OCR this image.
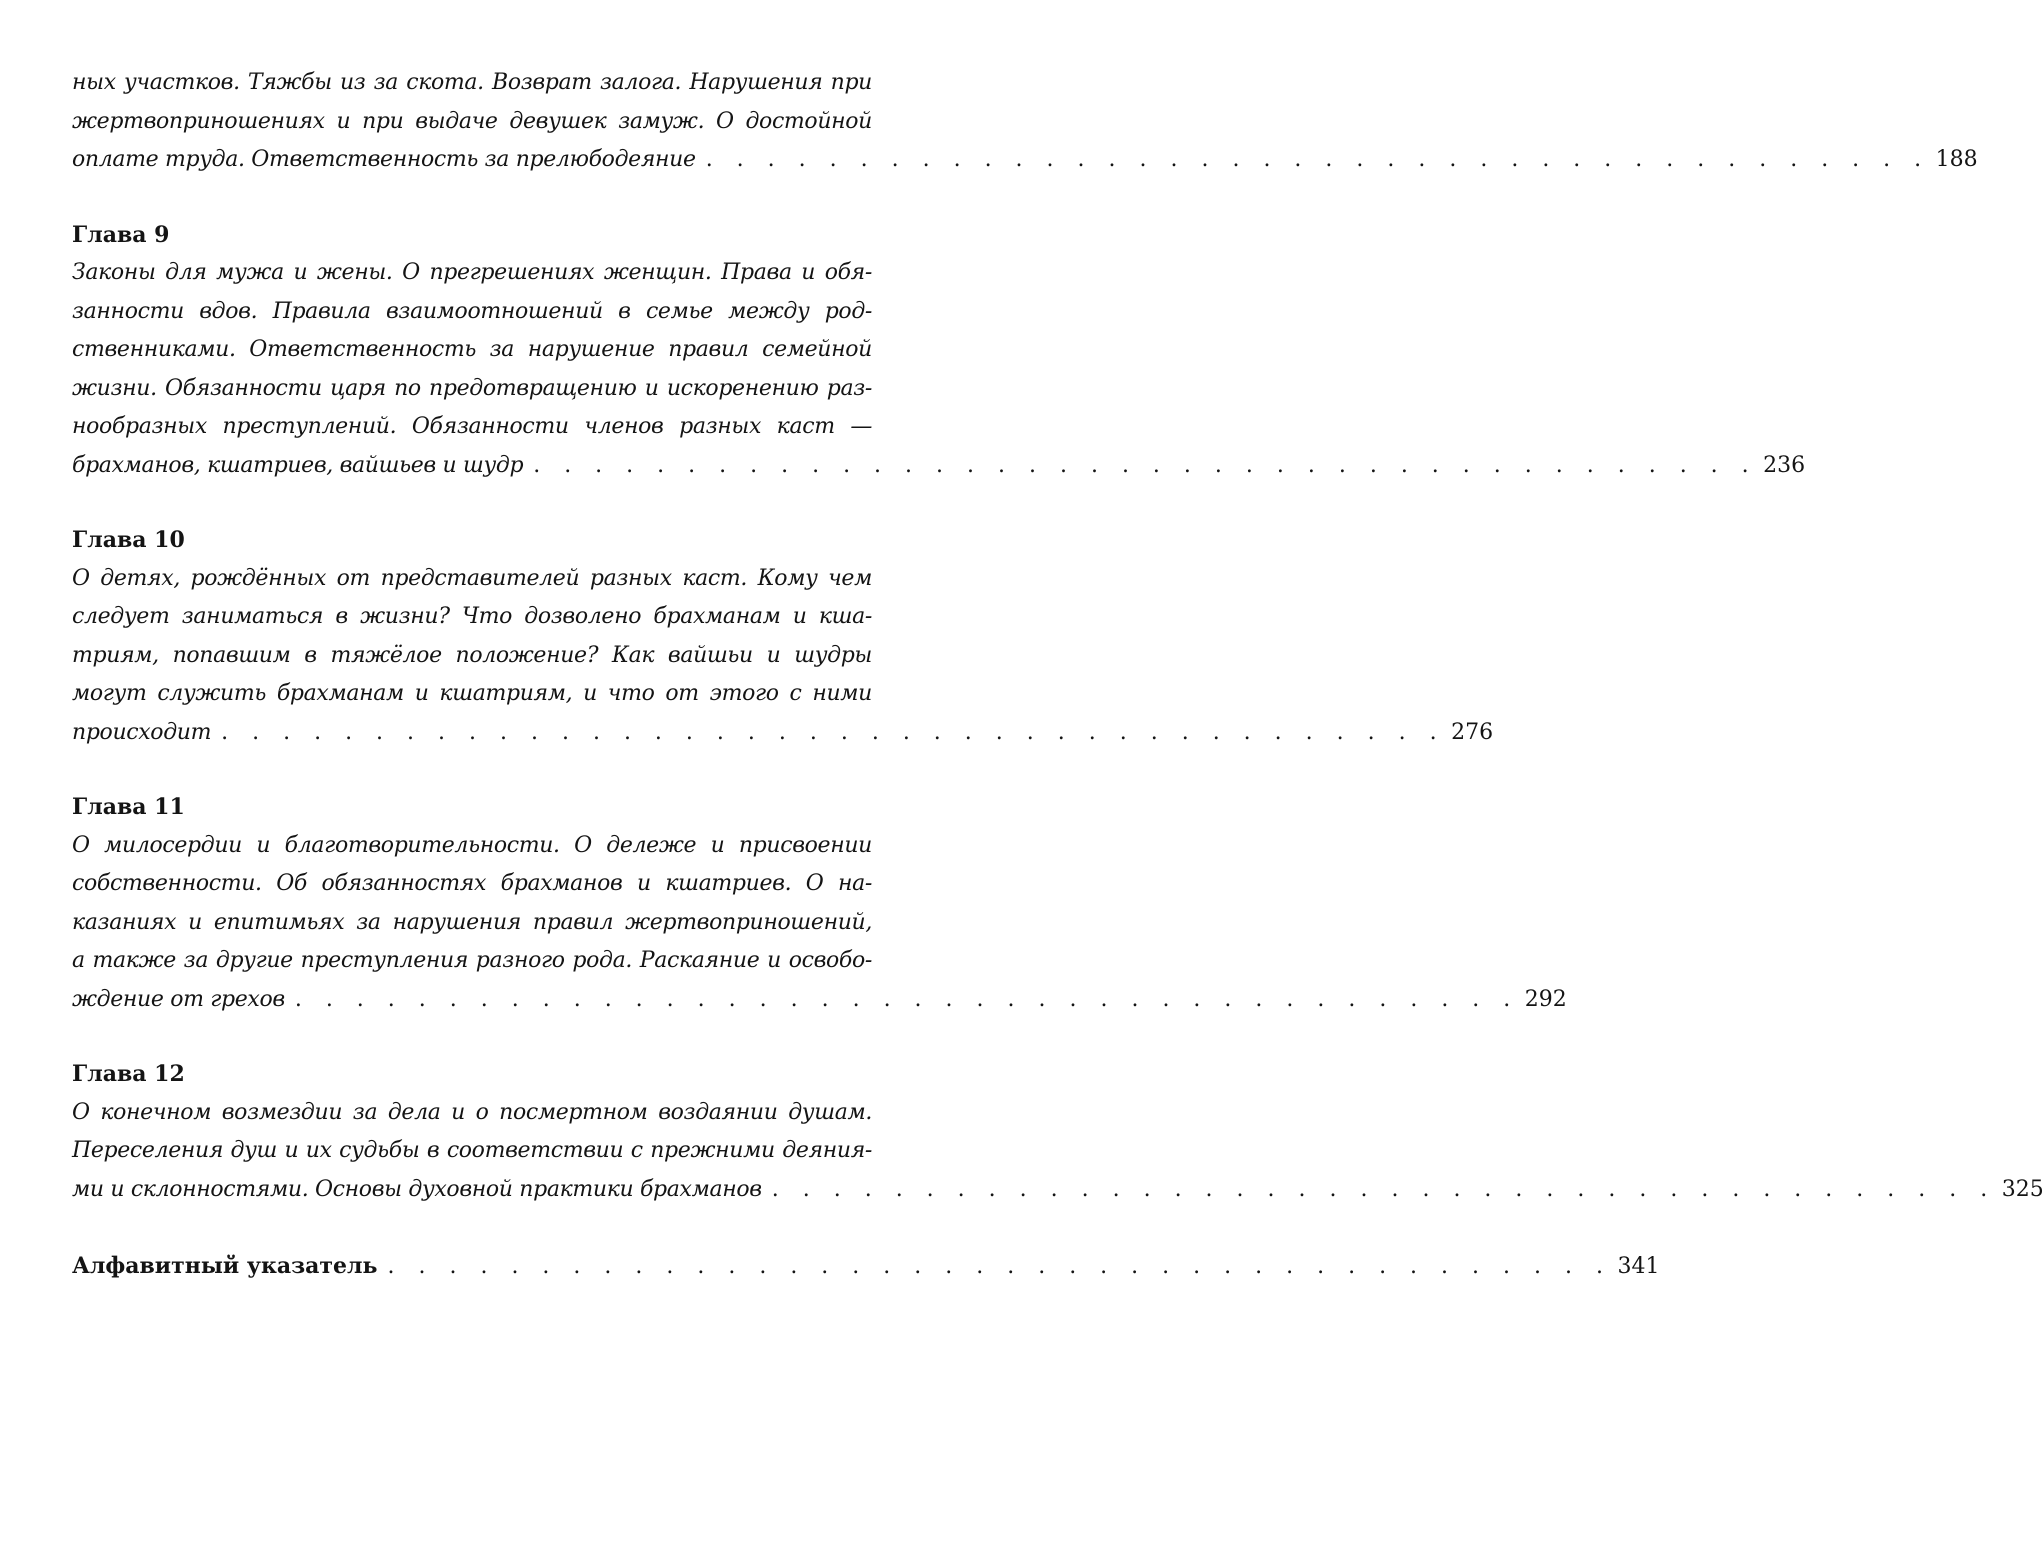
ных участков. Тяжбы из за скота. Возврат залога. Нарушения при
жертвоприношениях и при выдаче девушек замуж. О достойной
оплате труда. Ответственность за прелюбодеяние . . . . . . . . . . . . . . . . . . . . . . . . . . . . . . . . . . . . . . . . 188
Глава 9
Законы для мужа и жены. О прегрешениях женщин. Права и обя-
занности вдов. Правила взаимоотношений в семье между род-
ственниками. Ответственность за нарушение правил семейной
жизни. Обязанности царя по предотвращению и искоренению раз-
нообразных преступлений. Обязанности членов разных каст —
брахманов, кшатриев, вайшьев и шудр . . . . . . . . . . . . . . . . . . . . . . . . . . . . . . . . . . . . . . . . 236
Глава 10
О детях, рождённых от представителей разных каст. Кому чем
следует заниматься в жизни? Что дозволено брахманам и кша-
триям, попавшим в тяжёлое положение? Как вайшьи и шудры
могут служить брахманам и кшатриям, и что от этого с ними
происходит . . . . . . . . . . . . . . . . . . . . . . . . . . . . . . . . . . . . . . . . 276
Глава 11
О милосердии и благотворительности. О дележе и присвоении
собственности. Об обязанностях брахманов и кшатриев. О на-
казаниях и епитимьях за нарушения правил жертвоприношений,
а также за другие преступления разного рода. Раскаяние и освобо-
ждение от грехов . . . . . . . . . . . . . . . . . . . . . . . . . . . . . . . . . . . . . . . . 292
Глава 12
О конечном возмездии за дела и о посмертном воздаянии душам.
Переселения душ и их судьбы в соответствии с прежними деяния-
ми и склонностями. Основы духовной практики брахманов . . . . . . . . . . . . . . . . . . . . . . . . . . . . . . . . . . . . . . . . 325
Алфавитный указатель . . . . . . . . . . . . . . . . . . . . . . . . . . . . . . . . . . . . . . . . 341
